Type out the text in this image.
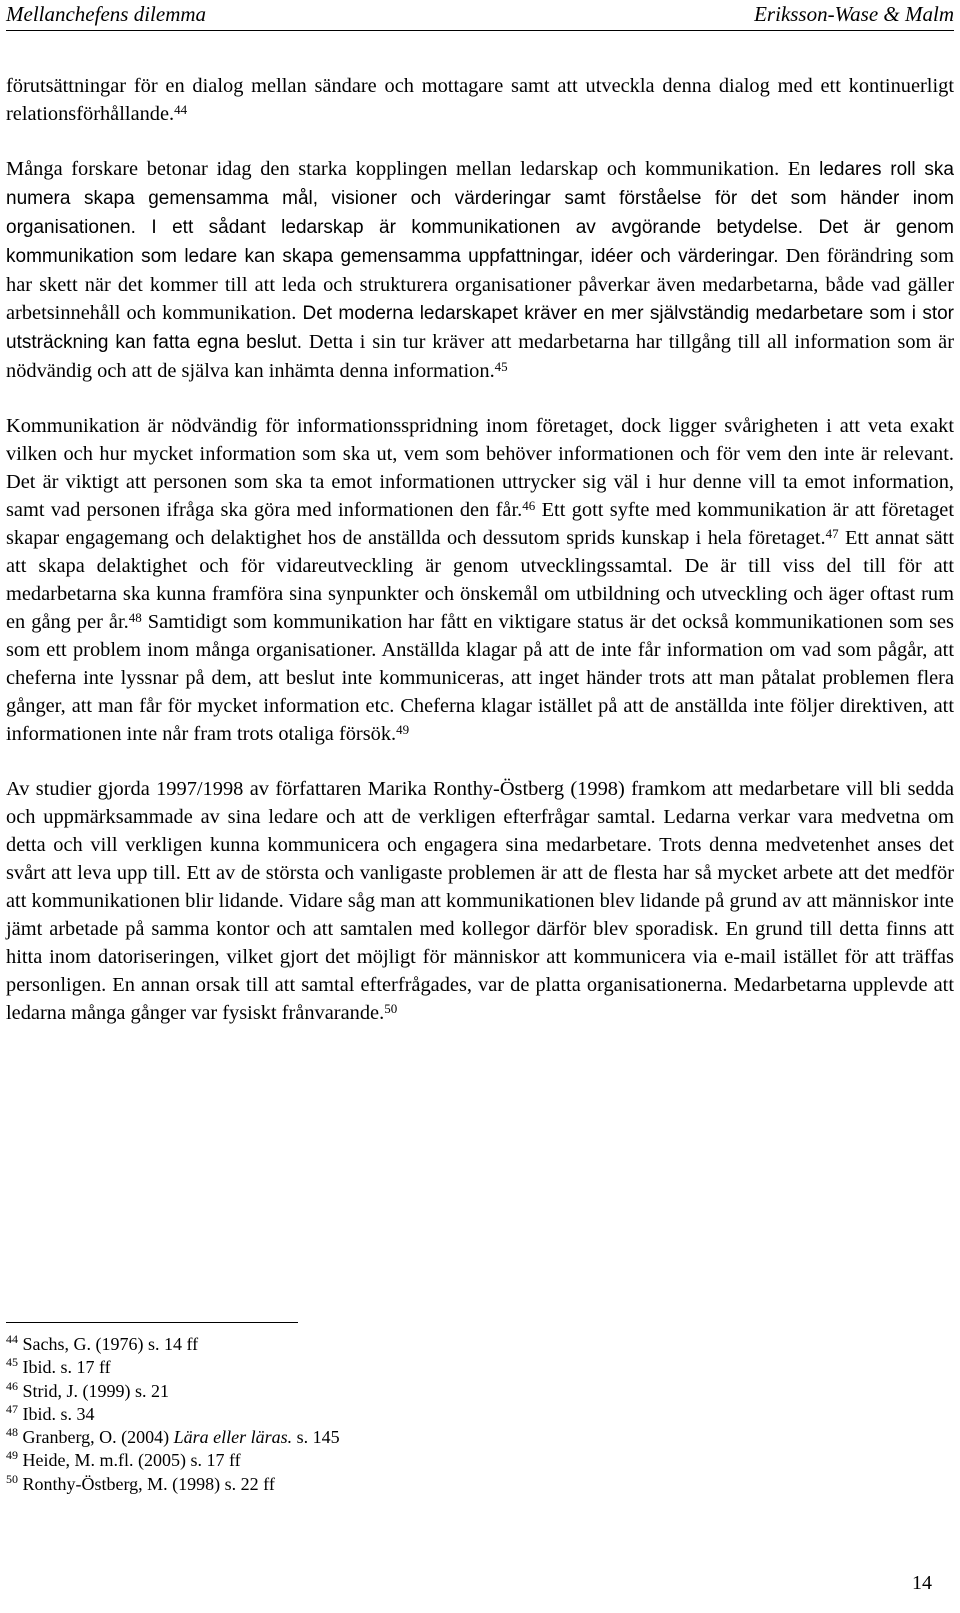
Mellanchefens dilemma	Eriksson-Wase & Malm

förutsättningar för en dialog mellan sändare och mottagare samt att utveckla denna dialog med ett kontinuerligt relationsförhållande.$^{44}$

Många forskare betonar idag den starka kopplingen mellan ledarskap och kommunikation. En ledares roll ska numera skapa gemensamma mål, visioner och värderingar samt förståelse för det som händer inom organisationen. I ett sådant ledarskap är kommunikationen av avgörande betydelse. Det är genom kommunikation som ledare kan skapa gemensamma uppfattningar, idéer och värderingar. Den förändring som har skett när det kommer till att leda och strukturera organisationer påverkar även medarbetarna, både vad gäller arbetsinnehåll och kommunikation. Det moderna ledarskapet kräver en mer självständig medarbetare som i stor utsträckning kan fatta egna beslut. Detta i sin tur kräver att medarbetarna har tillgång till all information som är nödvändig och att de själva kan inhämta denna information.$^{45}$

Kommunikation är nödvändig för informationsspridning inom företaget, dock ligger svårigheten i att veta exakt vilken och hur mycket information som ska ut, vem som behöver informationen och för vem den inte är relevant. Det är viktigt att personen som ska ta emot informationen uttrycker sig väl i hur denne vill ta emot information, samt vad personen ifråga ska göra med informationen den får.$^{46}$ Ett gott syfte med kommunikation är att företaget skapar engagemang och delaktighet hos de anställda och dessutom sprids kunskap i hela företaget.$^{47}$ Ett annat sätt att skapa delaktighet och för vidareutveckling är genom utvecklingssamtal. De är till viss del till för att medarbetarna ska kunna framföra sina synpunkter och önskemål om utbildning och utveckling och äger oftast rum en gång per år.$^{48}$ Samtidigt som kommunikation har fått en viktigare status är det också kommunikationen som ses som ett problem inom många organisationer. Anställda klagar på att de inte får information om vad som pågår, att cheferna inte lyssnar på dem, att beslut inte kommuniceras, att inget händer trots att man påtalat problemen flera gånger, att man får för mycket information etc. Cheferna klagar istället på att de anställda inte följer direktiven, att informationen inte når fram trots otaliga försök.$^{49}$

Av studier gjorda 1997/1998 av författaren Marika Ronthy-Östberg (1998) framkom att medarbetare vill bli sedda och uppmärksammade av sina ledare och att de verkligen efterfrågar samtal. Ledarna verkar vara medvetna om detta och vill verkligen kunna kommunicera och engagera sina medarbetare. Trots denna medvetenhet anses det svårt att leva upp till. Ett av de största och vanligaste problemen är att de flesta har så mycket arbete att det medför att kommunikationen blir lidande. Vidare såg man att kommunikationen blev lidande på grund av att människor inte jämt arbetade på samma kontor och att samtalen med kollegor därför blev sporadisk. En grund till detta finns att hitta inom datoriseringen, vilket gjort det möjligt för människor att kommunicera via e-mail istället för att träffas personligen. En annan orsak till att samtal efterfrågades, var de platta organisationerna. Medarbetarna upplevde att ledarna många gånger var fysiskt frånvarande.$^{50}$

$^{44}$ Sachs, G. (1976) s. 14 ff

$^{45}$ Ibid. s. 17 ff

$^{46}$ Strid, J. (1999) s. 21

$^{47}$ Ibid. s. 34

$^{48}$ Granberg, O. (2004) Lära eller läras. s. 145

$^{49}$ Heide, M. m.fl. (2005) s. 17 ff

$^{50}$ Ronthy-Östberg, M. (1998) s. 22 ff

14
